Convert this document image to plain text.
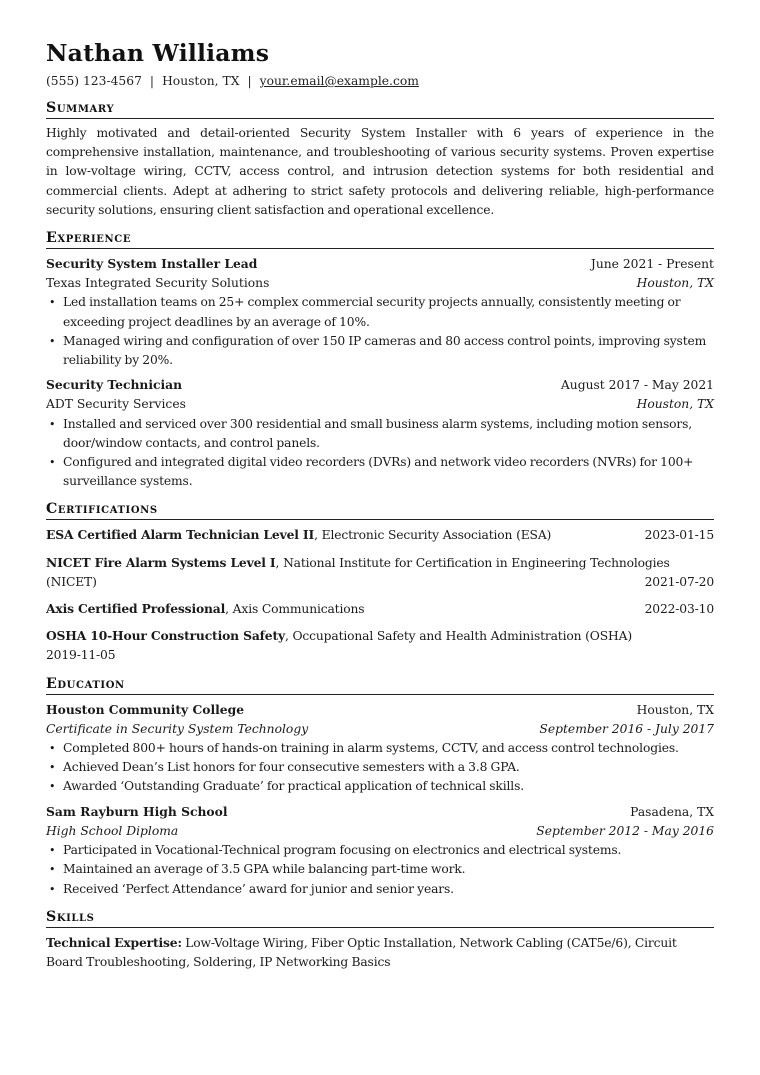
Nathan Williams
(555) 123-4567 | Houston, TX | your.email@example.com
Summary
Highly motivated and detail-oriented Security System Installer with 6 years of experience in the comprehensive installation, maintenance, and troubleshooting of various security systems. Proven expertise in low-voltage wiring, CCTV, access control, and intrusion detection systems for both residential and commercial clients. Adept at adhering to strict safety protocols and delivering reliable, high-performance security solutions, ensuring client satisfaction and operational excellence.
Experience
Security System Installer Lead	June 2021 - Present
Texas Integrated Security Solutions	Houston, TX
• Led installation teams on 25+ complex commercial security projects annually, consistently meeting or exceeding project deadlines by an average of 10%.
• Managed wiring and configuration of over 150 IP cameras and 80 access control points, improving system reliability by 20%.
Security Technician	August 2017 - May 2021
ADT Security Services	Houston, TX
• Installed and serviced over 300 residential and small business alarm systems, including motion sensors, door/window contacts, and control panels.
• Configured and integrated digital video recorders (DVRs) and network video recorders (NVRs) for 100+ surveillance systems.
Certifications
ESA Certified Alarm Technician Level II, Electronic Security Association (ESA)	2023-01-15
NICET Fire Alarm Systems Level I, National Institute for Certification in Engineering Technologies
(NICET)	2021-07-20
Axis Certified Professional, Axis Communications	2022-03-10
OSHA 10-Hour Construction Safety, Occupational Safety and Health Administration (OSHA)
2019-11-05
Education
Houston Community College	Houston, TX
Certificate in Security System Technology	September 2016 - July 2017
• Completed 800+ hours of hands-on training in alarm systems, CCTV, and access control technologies.
• Achieved Dean’s List honors for four consecutive semesters with a 3.8 GPA.
• Awarded ‘Outstanding Graduate’ for practical application of technical skills.
Sam Rayburn High School	Pasadena, TX
High School Diploma	September 2012 - May 2016
• Participated in Vocational-Technical program focusing on electronics and electrical systems.
• Maintained an average of 3.5 GPA while balancing part-time work.
• Received ‘Perfect Attendance’ award for junior and senior years.
Skills
Technical Expertise: Low-Voltage Wiring, Fiber Optic Installation, Network Cabling (CAT5e/6), Circuit Board Troubleshooting, Soldering, IP Networking Basics
